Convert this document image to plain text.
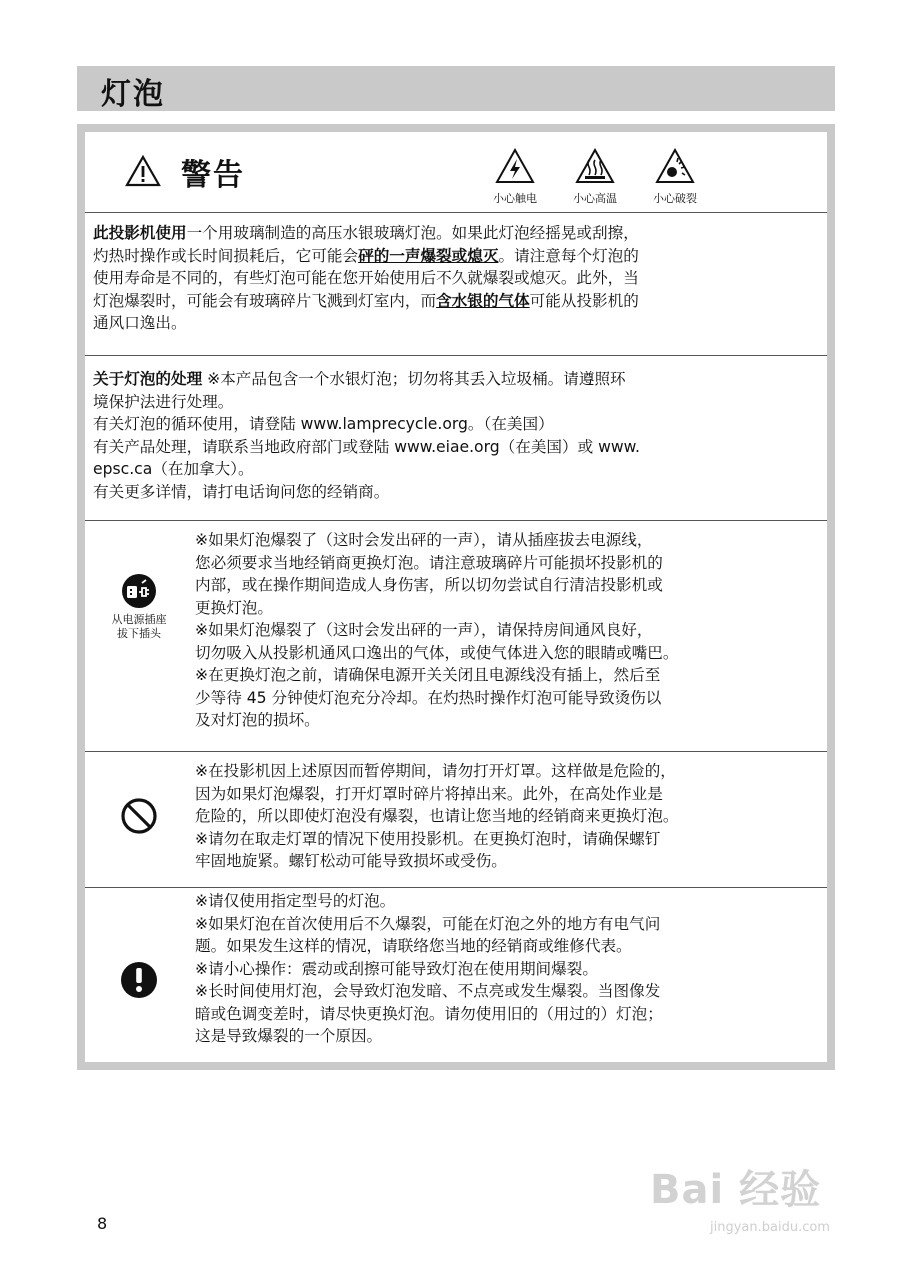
灯泡
警告
小心触电	小心高温	小心破裂
此投影机使用一个用玻璃制造的高压水银玻璃灯泡。如果此灯泡经摇晃或刮擦，
灼热时操作或长时间损耗后，它可能会砰的一声爆裂或熄灭。请注意每个灯泡的
使用寿命是不同的，有些灯泡可能在您开始使用后不久就爆裂或熄灭。此外，当
灯泡爆裂时，可能会有玻璃碎片飞溅到灯室内，而含水银的气体可能从投影机的
通风口逸出。
关于灯泡的处理 ※本产品包含一个水银灯泡；切勿将其丢入垃圾桶。请遵照环
境保护法进行处理。
有关灯泡的循环使用，请登陆 www.lamprecycle.org。（在美国）
有关产品处理，请联系当地政府部门或登陆 www.eiae.org（在美国）或 www.
epsc.ca（在加拿大）。
有关更多详情，请打电话询问您的经销商。
从电源插座
拔下插头
※如果灯泡爆裂了（这时会发出砰的一声），请从插座拔去电源线，
您必须要求当地经销商更换灯泡。请注意玻璃碎片可能损坏投影机的
内部，或在操作期间造成人身伤害，所以切勿尝试自行清洁投影机或
更换灯泡。
※如果灯泡爆裂了（这时会发出砰的一声），请保持房间通风良好，
切勿吸入从投影机通风口逸出的气体，或使气体进入您的眼睛或嘴巴。
※在更换灯泡之前，请确保电源开关关闭且电源线没有插上，然后至
少等待 45 分钟使灯泡充分冷却。在灼热时操作灯泡可能导致烫伤以
及对灯泡的损坏。
※在投影机因上述原因而暂停期间，请勿打开灯罩。这样做是危险的，
因为如果灯泡爆裂，打开灯罩时碎片将掉出来。此外，在高处作业是
危险的，所以即使灯泡没有爆裂，也请让您当地的经销商来更换灯泡。
※请勿在取走灯罩的情况下使用投影机。在更换灯泡时，请确保螺钉
牢固地旋紧。螺钉松动可能导致损坏或受伤。
※请仅使用指定型号的灯泡。
※如果灯泡在首次使用后不久爆裂，可能在灯泡之外的地方有电气问
题。如果发生这样的情况，请联络您当地的经销商或维修代表。
※请小心操作：震动或刮擦可能导致灯泡在使用期间爆裂。
※长时间使用灯泡，会导致灯泡发暗、不点亮或发生爆裂。当图像发
暗或色调变差时，请尽快更换灯泡。请勿使用旧的（用过的）灯泡；
这是导致爆裂的一个原因。
8
Bai 经验
jingyan.baidu.com
